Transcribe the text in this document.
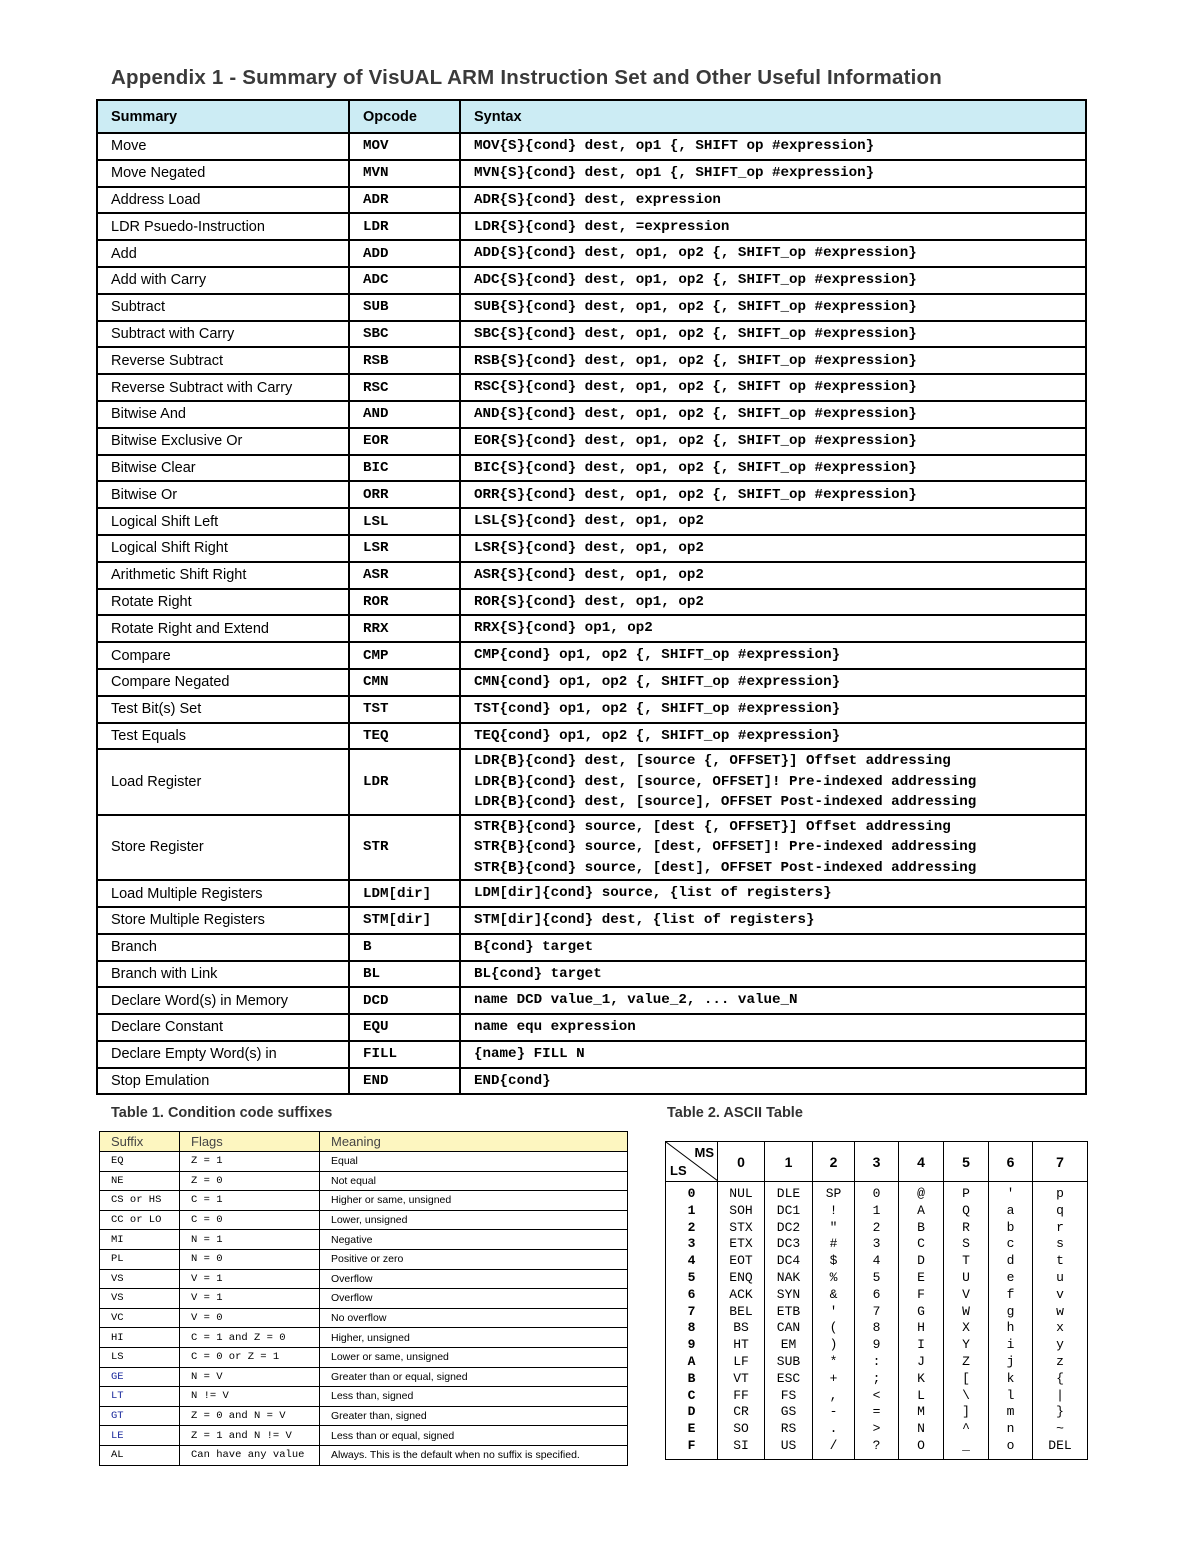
Appendix 1 - Summary of VisUAL ARM Instruction Set and Other Useful Information
Summary	Opcode	Syntax
Move	MOV	MOV{S}{cond} dest, op1 {, SHIFT op #expression}

Move Negated	MVN	MVN{S}{cond} dest, op1 {, SHIFT_op #expression}

Address Load	ADR	ADR{S}{cond} dest, expression

LDR Psuedo-Instruction	LDR	LDR{S}{cond} dest, =expression

Add	ADD	ADD{S}{cond} dest, op1, op2 {, SHIFT_op #expression}

Add with Carry	ADC	ADC{S}{cond} dest, op1, op2 {, SHIFT_op #expression}

Subtract	SUB	SUB{S}{cond} dest, op1, op2 {, SHIFT_op #expression}

Subtract with Carry	SBC	SBC{S}{cond} dest, op1, op2 {, SHIFT_op #expression}

Reverse Subtract	RSB	RSB{S}{cond} dest, op1, op2 {, SHIFT_op #expression}

Reverse Subtract with Carry	RSC	RSC{S}{cond} dest, op1, op2 {, SHIFT op #expression}

Bitwise And	AND	AND{S}{cond} dest, op1, op2 {, SHIFT_op #expression}

Bitwise Exclusive Or	EOR	EOR{S}{cond} dest, op1, op2 {, SHIFT_op #expression}

Bitwise Clear	BIC	BIC{S}{cond} dest, op1, op2 {, SHIFT_op #expression}

Bitwise Or	ORR	ORR{S}{cond} dest, op1, op2 {, SHIFT_op #expression}

Logical Shift Left	LSL	LSL{S}{cond} dest, op1, op2

Logical Shift Right	LSR	LSR{S}{cond} dest, op1, op2

Arithmetic Shift Right	ASR	ASR{S}{cond} dest, op1, op2

Rotate Right	ROR	ROR{S}{cond} dest, op1, op2

Rotate Right and Extend	RRX	RRX{S}{cond} op1, op2

Compare	CMP	CMP{cond} op1, op2 {, SHIFT_op #expression}

Compare Negated	CMN	CMN{cond} op1, op2 {, SHIFT_op #expression}

Test Bit(s) Set	TST	TST{cond} op1, op2 {, SHIFT_op #expression}

Test Equals	TEQ	TEQ{cond} op1, op2 {, SHIFT_op #expression}

Load Register	LDR	LDR{B}{cond} dest, [source {, OFFSET}] Offset addressing
LDR{B}{cond} dest, [source, OFFSET]! Pre-indexed addressing
LDR{B}{cond} dest, [source], OFFSET Post-indexed addressing

Store Register	STR	STR{B}{cond} source, [dest {, OFFSET}] Offset addressing
STR{B}{cond} source, [dest, OFFSET]! Pre-indexed addressing
STR{B}{cond} source, [dest], OFFSET Post-indexed addressing

Load Multiple Registers	LDM[dir]	LDM[dir]{cond} source, {list of registers}

Store Multiple Registers	STM[dir]	STM[dir]{cond} dest, {list of registers}

Branch	B	B{cond} target

Branch with Link	BL	BL{cond} target

Declare Word(s) in Memory	DCD	name DCD value_1, value_2, ... value_N

Declare Constant	EQU	name equ expression

Declare Empty Word(s) in	FILL	{name} FILL N

Stop Emulation	END	END{cond}
Table 1. Condition code suffixes	Table 2. ASCII Table
Suffix	Flags	Meaning
EQ	Z = 1	Equal
NE	Z = 0	Not equal
CS or HS	C = 1	Higher or same, unsigned
CC or LO	C = 0	Lower, unsigned
MI	N = 1	Negative
PL	N = 0	Positive or zero
VS	V = 1	Overflow
VS	V = 1	Overflow
VC	V = 0	No overflow
HI	C = 1 and Z = 0	Higher, unsigned
LS	C = 0 or Z = 1	Lower or same, unsigned
GE	N = V	Greater than or equal, signed
LT	N != V	Less than, signed
GT	Z = 0 and N = V	Greater than, signed
LE	Z = 1 and N != V	Less than or equal, signed
AL	Can have any value	Always. This is the default when no suffix is specified.
MS
LS	0	1	2	3	4	5	6	7
0	NUL	DLE	SP	0	@	P	'	p
1	SOH	DC1	!	1	A	Q	a	q
2	STX	DC2	"	2	B	R	b	r
3	ETX	DC3	#	3	C	S	c	s
4	EOT	DC4	$	4	D	T	d	t
5	ENQ	NAK	%	5	E	U	e	u
6	ACK	SYN	&	6	F	V	f	v
7	BEL	ETB	'	7	G	W	g	w
8	BS	CAN	(	8	H	X	h	x
9	HT	EM	)	9	I	Y	i	y
A	LF	SUB	*	:	J	Z	j	z
B	VT	ESC	+	;	K	[	k	{
C	FF	FS	,	<	L	\	l	|
D	CR	GS	-	=	M	]	m	}
E	SO	RS	.	>	N	^	n	~
F	SI	US	/	?	O	_	o	DEL
